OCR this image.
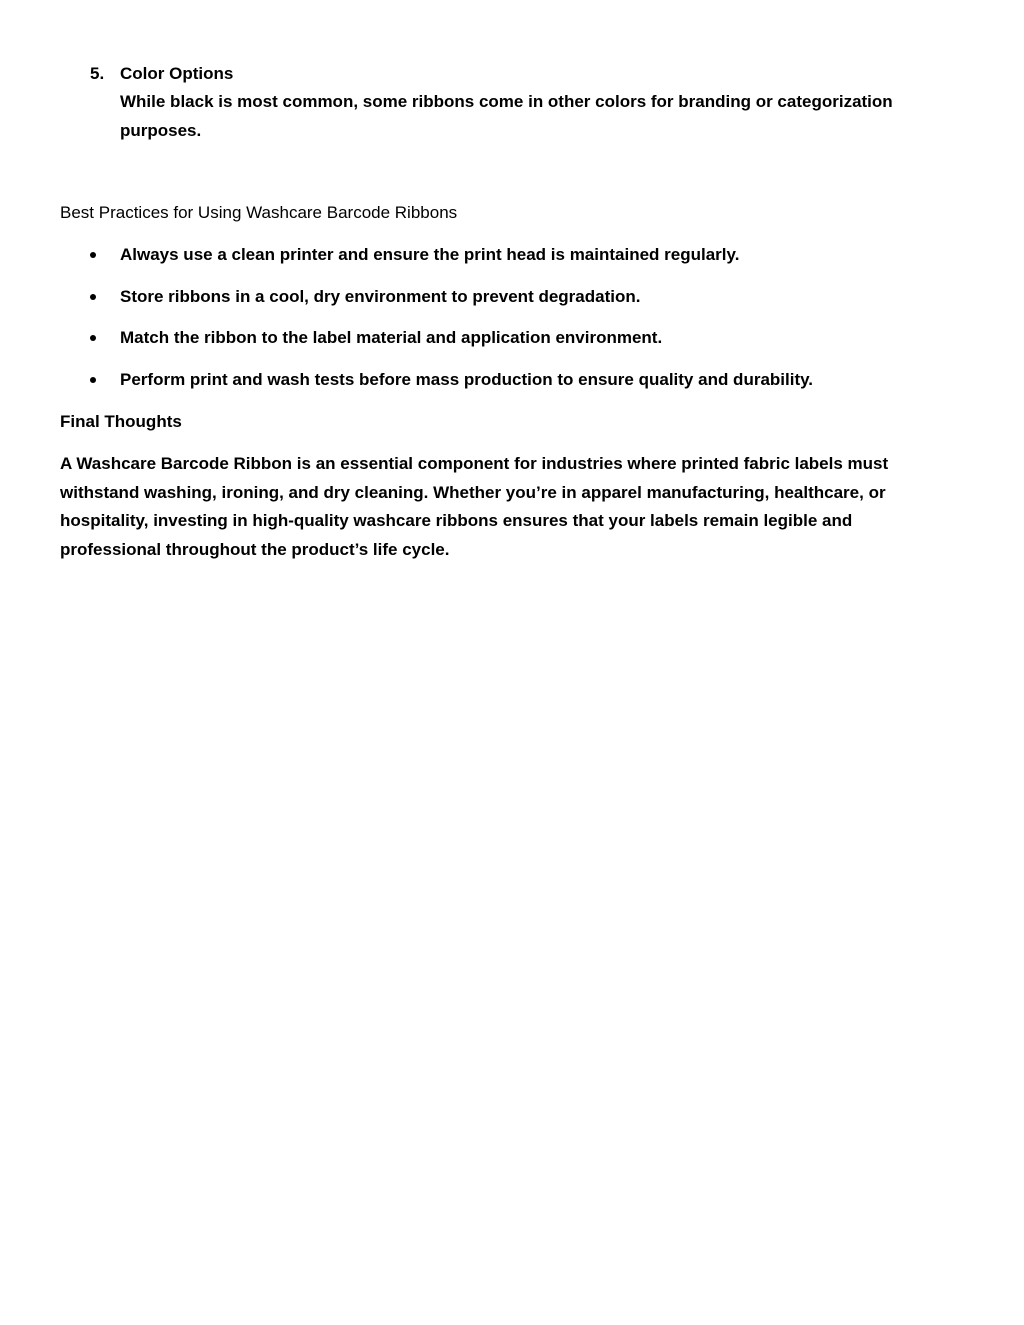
5. Color Options
While black is most common, some ribbons come in other colors for branding or categorization purposes.
Best Practices for Using Washcare Barcode Ribbons
Always use a clean printer and ensure the print head is maintained regularly.
Store ribbons in a cool, dry environment to prevent degradation.
Match the ribbon to the label material and application environment.
Perform print and wash tests before mass production to ensure quality and durability.
Final Thoughts
A Washcare Barcode Ribbon is an essential component for industries where printed fabric labels must withstand washing, ironing, and dry cleaning. Whether you’re in apparel manufacturing, healthcare, or hospitality, investing in high-quality washcare ribbons ensures that your labels remain legible and professional throughout the product’s life cycle.
